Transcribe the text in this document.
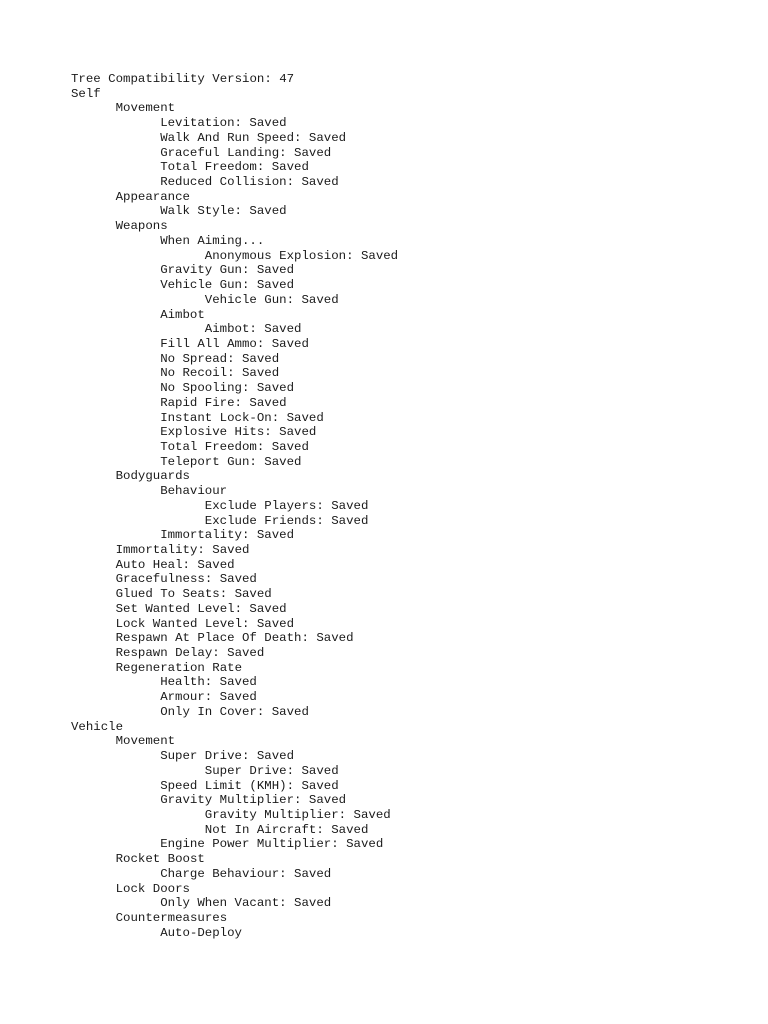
Tree Compatibility Version: 47
Self
Movement
Levitation: Saved
Walk And Run Speed: Saved
Graceful Landing: Saved
Total Freedom: Saved
Reduced Collision: Saved
Appearance
Walk Style: Saved
Weapons
When Aiming...
Anonymous Explosion: Saved
Gravity Gun: Saved
Vehicle Gun: Saved
Vehicle Gun: Saved
Aimbot
Aimbot: Saved
Fill All Ammo: Saved
No Spread: Saved
No Recoil: Saved
No Spooling: Saved
Rapid Fire: Saved
Instant Lock-On: Saved
Explosive Hits: Saved
Total Freedom: Saved
Teleport Gun: Saved
Bodyguards
Behaviour
Exclude Players: Saved
Exclude Friends: Saved
Immortality: Saved
Immortality: Saved
Auto Heal: Saved
Gracefulness: Saved
Glued To Seats: Saved
Set Wanted Level: Saved
Lock Wanted Level: Saved
Respawn At Place Of Death: Saved
Respawn Delay: Saved
Regeneration Rate
Health: Saved
Armour: Saved
Only In Cover: Saved
Vehicle
Movement
Super Drive: Saved
Super Drive: Saved
Speed Limit (KMH): Saved
Gravity Multiplier: Saved
Gravity Multiplier: Saved
Not In Aircraft: Saved
Engine Power Multiplier: Saved
Rocket Boost
Charge Behaviour: Saved
Lock Doors
Only When Vacant: Saved
Countermeasures
Auto-Deploy
